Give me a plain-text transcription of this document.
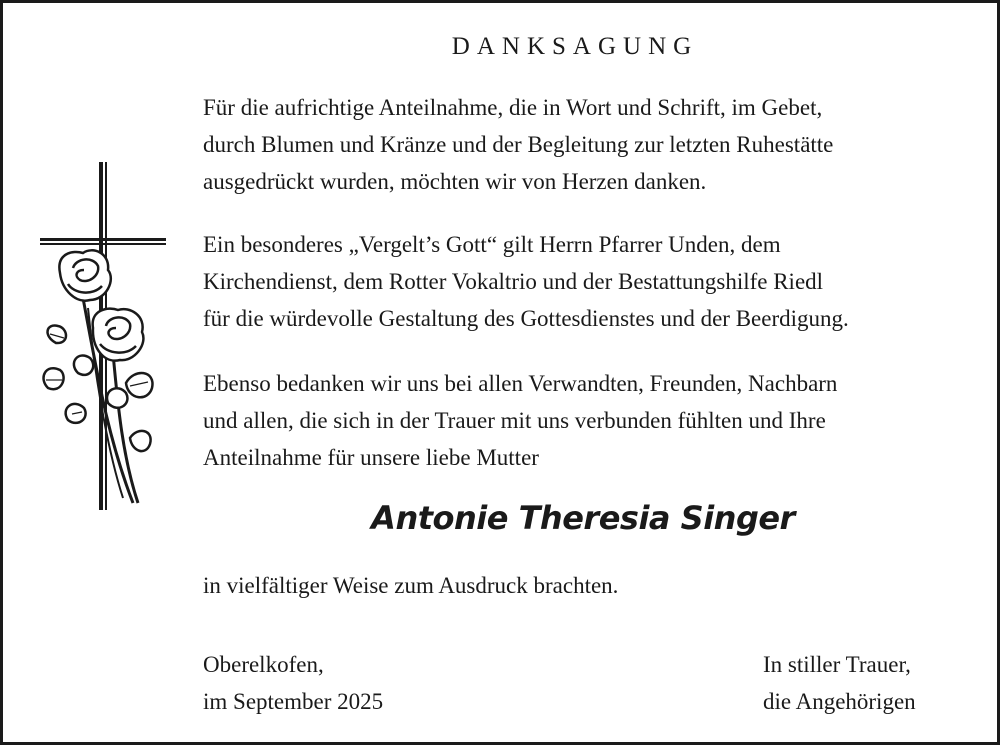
DANKSAGUNG
Für die aufrichtige Anteilnahme, die in Wort und Schrift, im Gebet,
durch Blumen und Kränze und der Begleitung zur letzten Ruhestätte
ausgedrückt wurden, möchten wir von Herzen danken.
Ein besonderes „Vergelt’s Gott“ gilt Herrn Pfarrer Unden, dem
Kirchendienst, dem Rotter Vokaltrio und der Bestattungshilfe Riedl
für die würdevolle Gestaltung des Gottesdienstes und der Beerdigung.
Ebenso bedanken wir uns bei allen Verwandten, Freunden, Nachbarn
und allen, die sich in der Trauer mit uns verbunden fühlten und Ihre
Anteilnahme für unsere liebe Mutter
Antonie Theresia Singer
in vielfältiger Weise zum Ausdruck brachten.
Oberelkofen,
im September 2025
In stiller Trauer,
die Angehörigen
